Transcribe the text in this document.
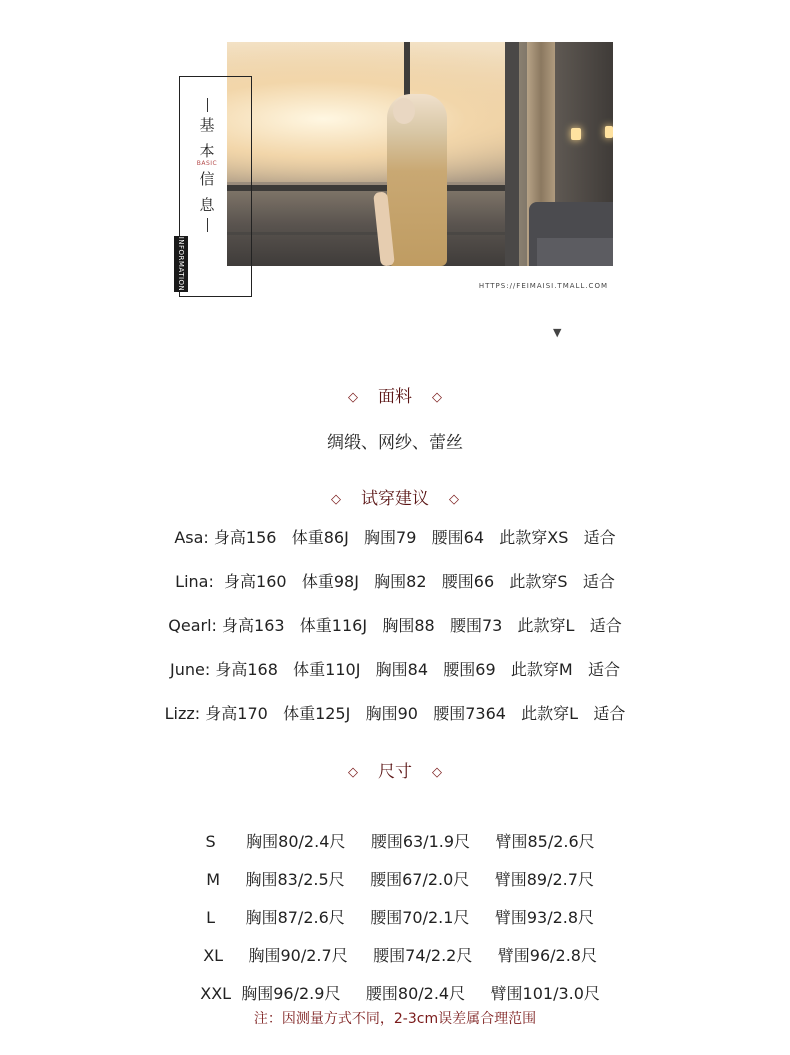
基
本
BASIC
信
息
INFORMATION	HTTPS://FEIMAISI.TMALL.COM
▼
◇ 面料 ◇
绸缎、网纱、蕾丝
◇ 试穿建议 ◇
Asa: 身高156   体重86J   胸围79   腰围64   此款穿XS   适合
Lina:  身高160   体重98J   胸围82   腰围66   此款穿S   适合
Qearl: 身高163   体重116J   胸围88   腰围73   此款穿L   适合
June: 身高168   体重110J   胸围84   腰围69   此款穿M   适合
Lizz: 身高170   体重125J   胸围90   腰围7364   此款穿L   适合
◇ 尺寸 ◇

S 胸围80/2.4尺 腰围63/1.9尺 臂围85/2.6尺

M 胸围83/2.5尺 腰围67/2.0尺 臂围89/2.7尺

L 胸围87/2.6尺 腰围70/2.1尺 臂围93/2.8尺

XL 胸围90/2.7尺 腰围74/2.2尺 臂围96/2.8尺

XXL 胸围96/2.9尺 腰围80/2.4尺 臂围101/3.0尺

注：因测量方式不同，2-3cm误差属合理范围
